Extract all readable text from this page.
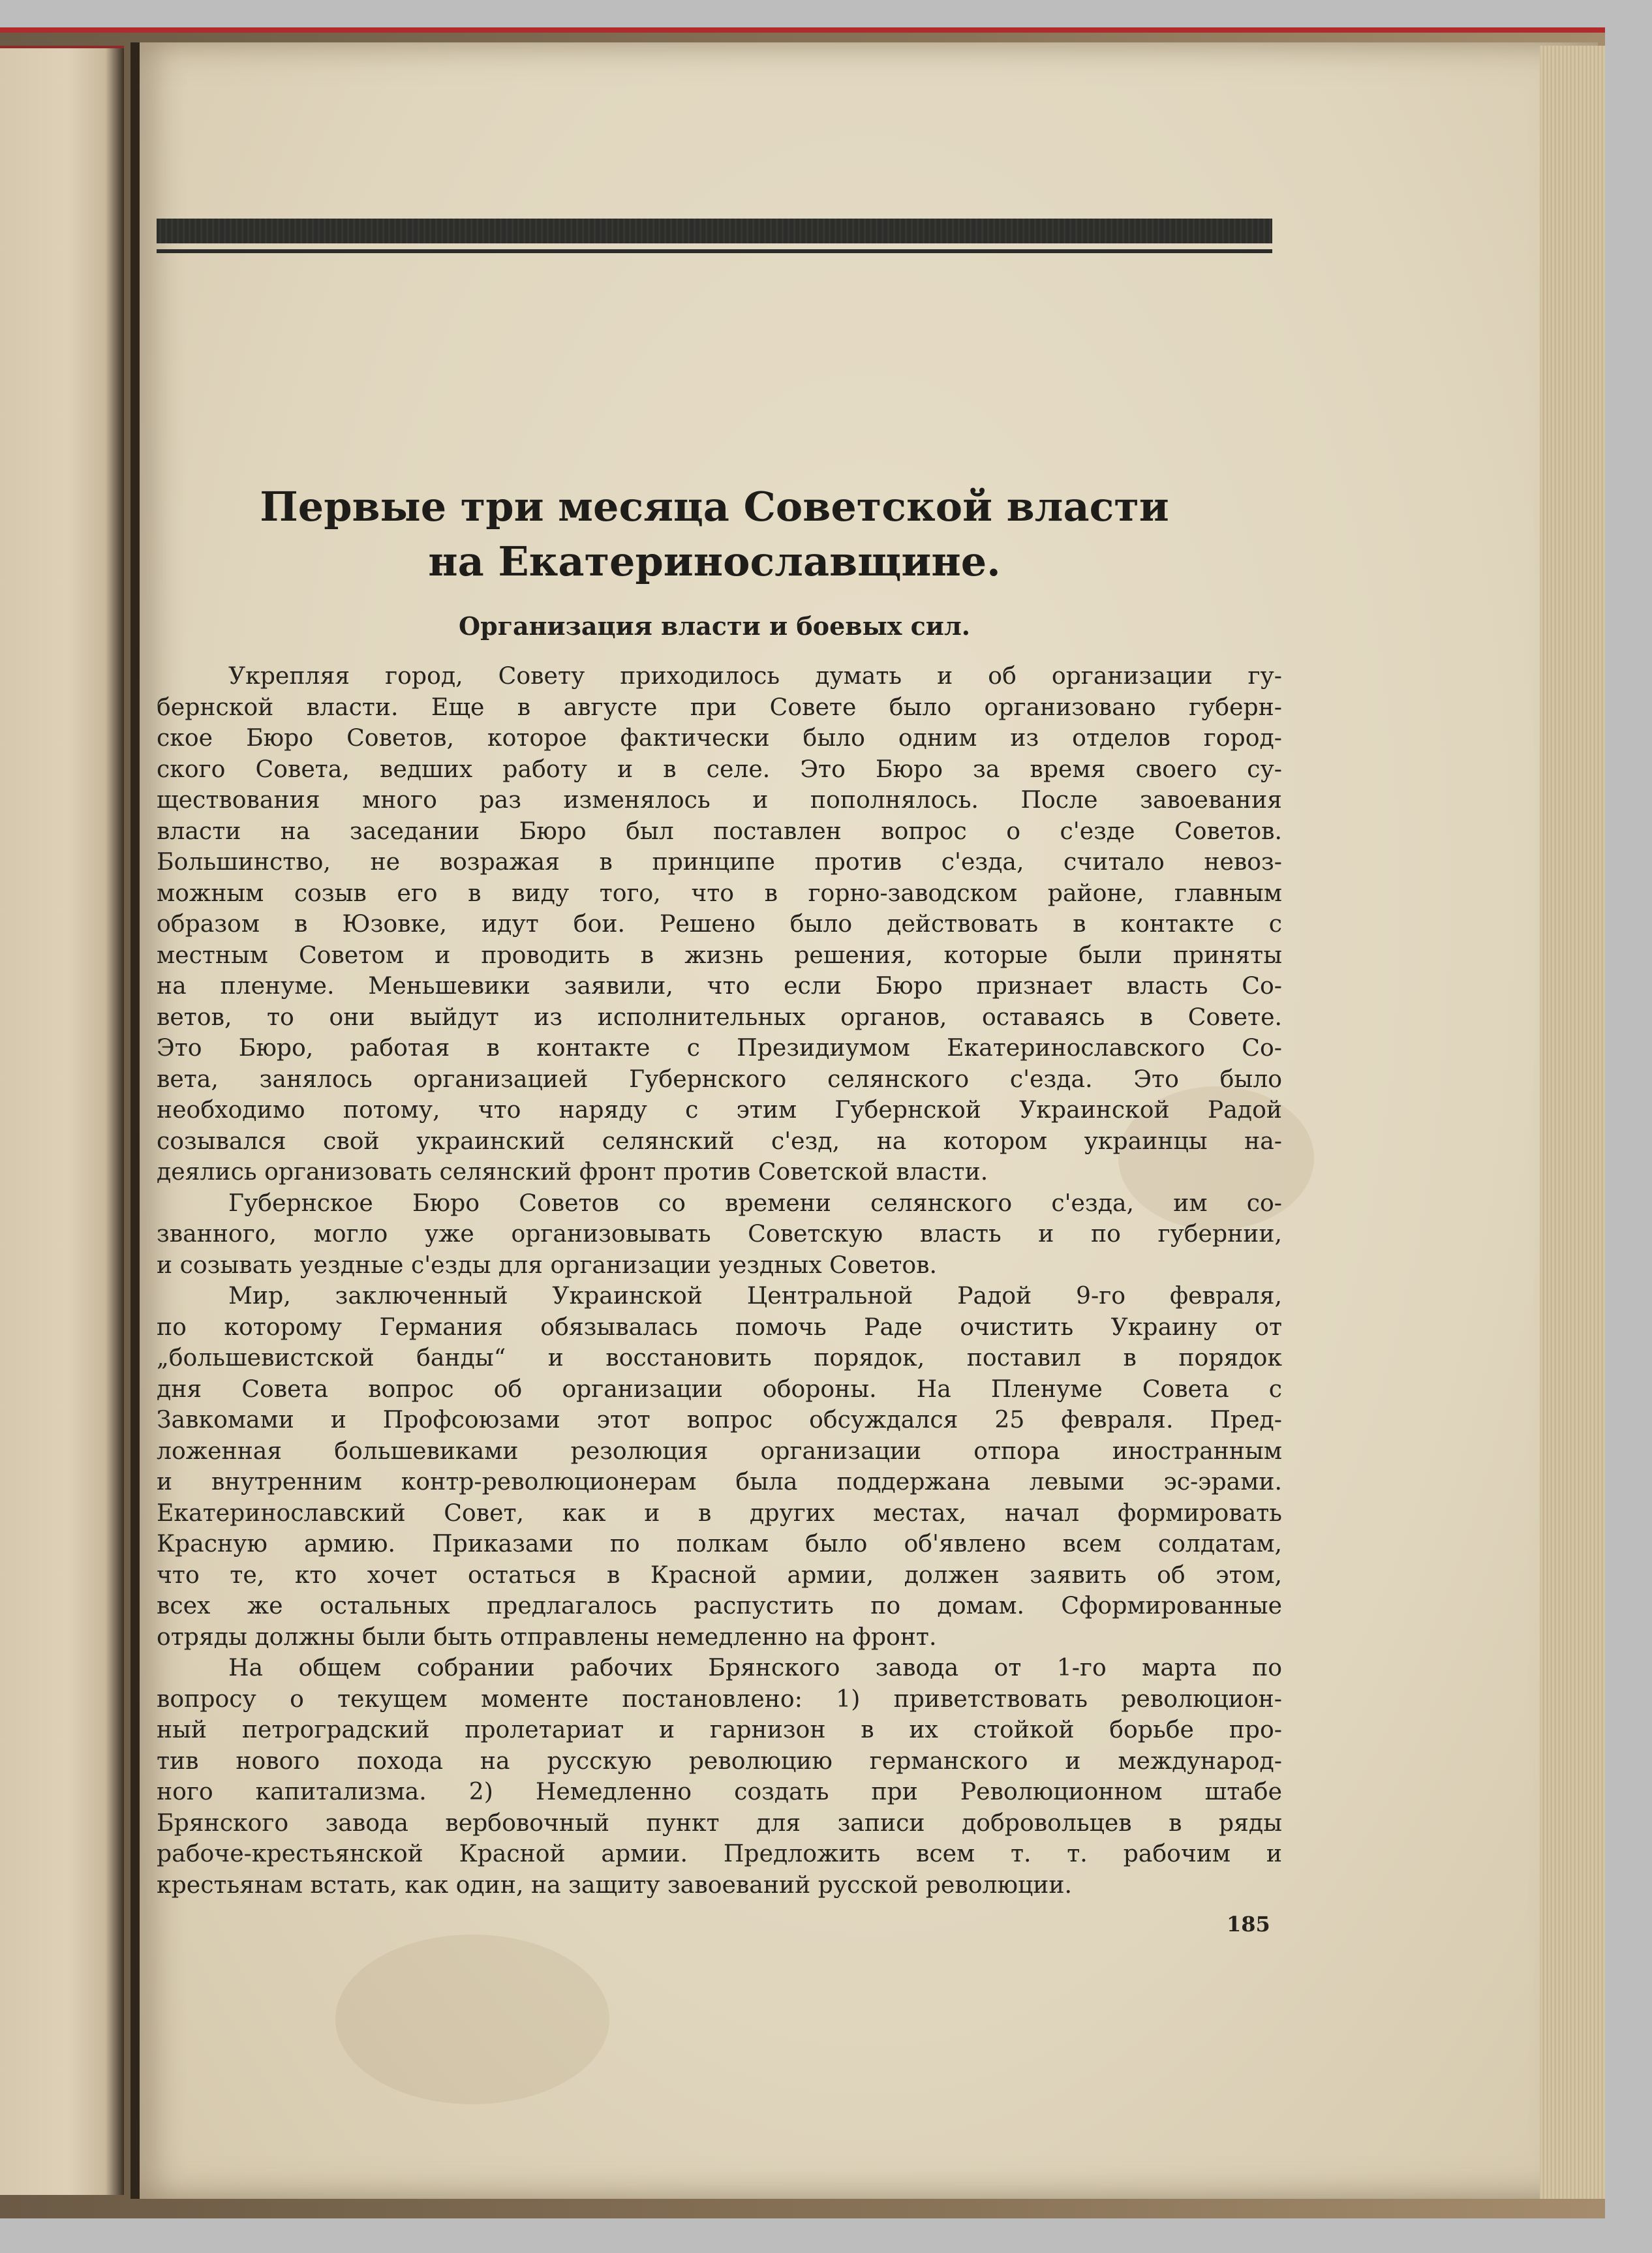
Первые три месяца Советской власти
на Екатеринославщине.
Организация власти и боевых сил.
Укрепляя город, Совету приходилось думать и об организации гу-
бернской власти. Еще в августе при Совете было организовано губерн-
ское Бюро Советов, которое фактически было одним из отделов город-
ского Совета, ведших работу и в селе. Это Бюро за время своего су-
ществования много раз изменялось и пополнялось. После завоевания
власти на заседании Бюро был поставлен вопрос о с'езде Советов.
Большинство, не возражая в принципе против с'езда, считало невоз-
можным созыв его в виду того, что в горно-заводском районе, главным
образом в Юзовке, идут бои. Решено было действовать в контакте с
местным Советом и проводить в жизнь решения, которые были приняты
на пленуме. Меньшевики заявили, что если Бюро признает власть Со-
ветов, то они выйдут из исполнительных органов, оставаясь в Совете.
Это Бюро, работая в контакте с Президиумом Екатеринославского Со-
вета, занялось организацией Губернского селянского с'езда. Это было
необходимо потому, что наряду с этим Губернской Украинской Радой
созывался свой украинский селянский с'езд, на котором украинцы на-
деялись организовать селянский фронт против Советской власти.
Губернское Бюро Советов со времени селянского с'езда, им со-
званного, могло уже организовывать Советскую власть и по губернии,
и созывать уездные с'езды для организации уездных Советов.
Мир, заключенный Украинской Центральной Радой 9-го февраля,
по которому Германия обязывалась помочь Раде очистить Украину от
„большевистской банды“ и восстановить порядок, поставил в порядок
дня Совета вопрос об организации обороны. На Пленуме Совета с
Завкомами и Профсоюзами этот вопрос обсуждался 25 февраля. Пред-
ложенная большевиками резолюция организации отпора иностранным
и внутренним контр-революционерам была поддержана левыми эс-эрами.
Екатеринославский Совет, как и в других местах, начал формировать
Красную армию. Приказами по полкам было об'явлено всем солдатам,
что те, кто хочет остаться в Красной армии, должен заявить об этом,
всех же остальных предлагалось распустить по домам. Сформированные
отряды должны были быть отправлены немедленно на фронт.
На общем собрании рабочих Брянского завода от 1-го марта по
вопросу о текущем моменте постановлено: 1) приветствовать революцион-
ный петроградский пролетариат и гарнизон в их стойкой борьбе про-
тив нового похода на русскую революцию германского и международ-
ного капитализма. 2) Немедленно создать при Революционном штабе
Брянского завода вербовочный пункт для записи добровольцев в ряды
рабоче-крестьянской Красной армии. Предложить всем т. т. рабочим и
крестьянам встать, как один, на защиту завоеваний русской революции.
185
